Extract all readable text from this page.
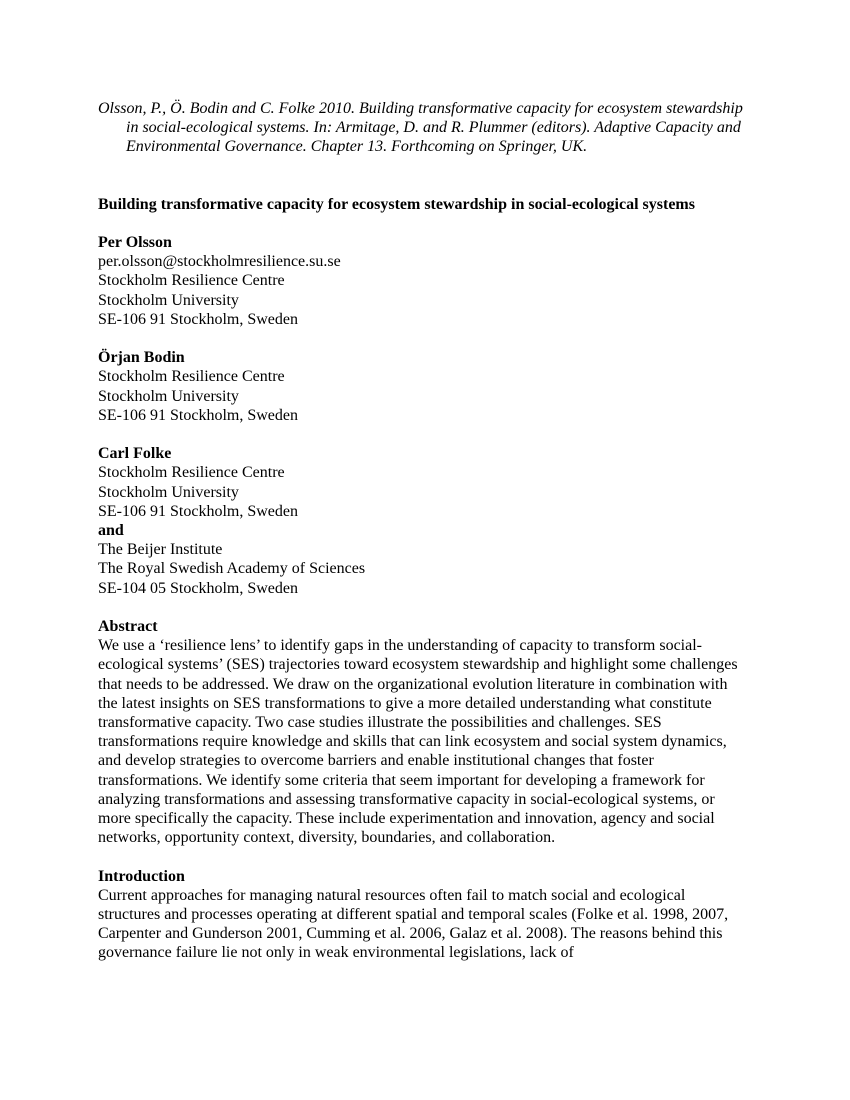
Olsson, P., Ö. Bodin and C. Folke 2010. Building transformative capacity for ecosystem stewardship in social-ecological systems. In: Armitage, D. and R. Plummer (editors). Adaptive Capacity and Environmental Governance. Chapter 13. Forthcoming on Springer, UK.

Building transformative capacity for ecosystem stewardship in social-ecological systems
Per Olsson
per.olsson@stockholmresilience.su.se
Stockholm Resilience Centre
Stockholm University
SE-106 91 Stockholm, Sweden
Örjan Bodin
Stockholm Resilience Centre
Stockholm University
SE-106 91 Stockholm, Sweden
Carl Folke
Stockholm Resilience Centre
Stockholm University
SE-106 91 Stockholm, Sweden
and
The Beijer Institute
The Royal Swedish Academy of Sciences
SE-104 05 Stockholm, Sweden
Abstract
We use a ‘resilience lens’ to identify gaps in the understanding of capacity to transform social-ecological systems’ (SES) trajectories toward ecosystem stewardship and highlight some challenges that needs to be addressed. We draw on the organizational evolution literature in combination with the latest insights on SES transformations to give a more detailed understanding what constitute transformative capacity. Two case studies illustrate the possibilities and challenges. SES transformations require knowledge and skills that can link ecosystem and social system dynamics, and develop strategies to overcome barriers and enable institutional changes that foster transformations. We identify some criteria that seem important for developing a framework for analyzing transformations and assessing transformative capacity in social-ecological systems, or more specifically the capacity. These include experimentation and innovation, agency and social networks, opportunity context, diversity, boundaries, and collaboration.
Introduction
Current approaches for managing natural resources often fail to match social and ecological structures and processes operating at different spatial and temporal scales (Folke et al. 1998, 2007, Carpenter and Gunderson 2001, Cumming et al. 2006, Galaz et al. 2008). The reasons behind this governance failure lie not only in weak environmental legislations, lack of
